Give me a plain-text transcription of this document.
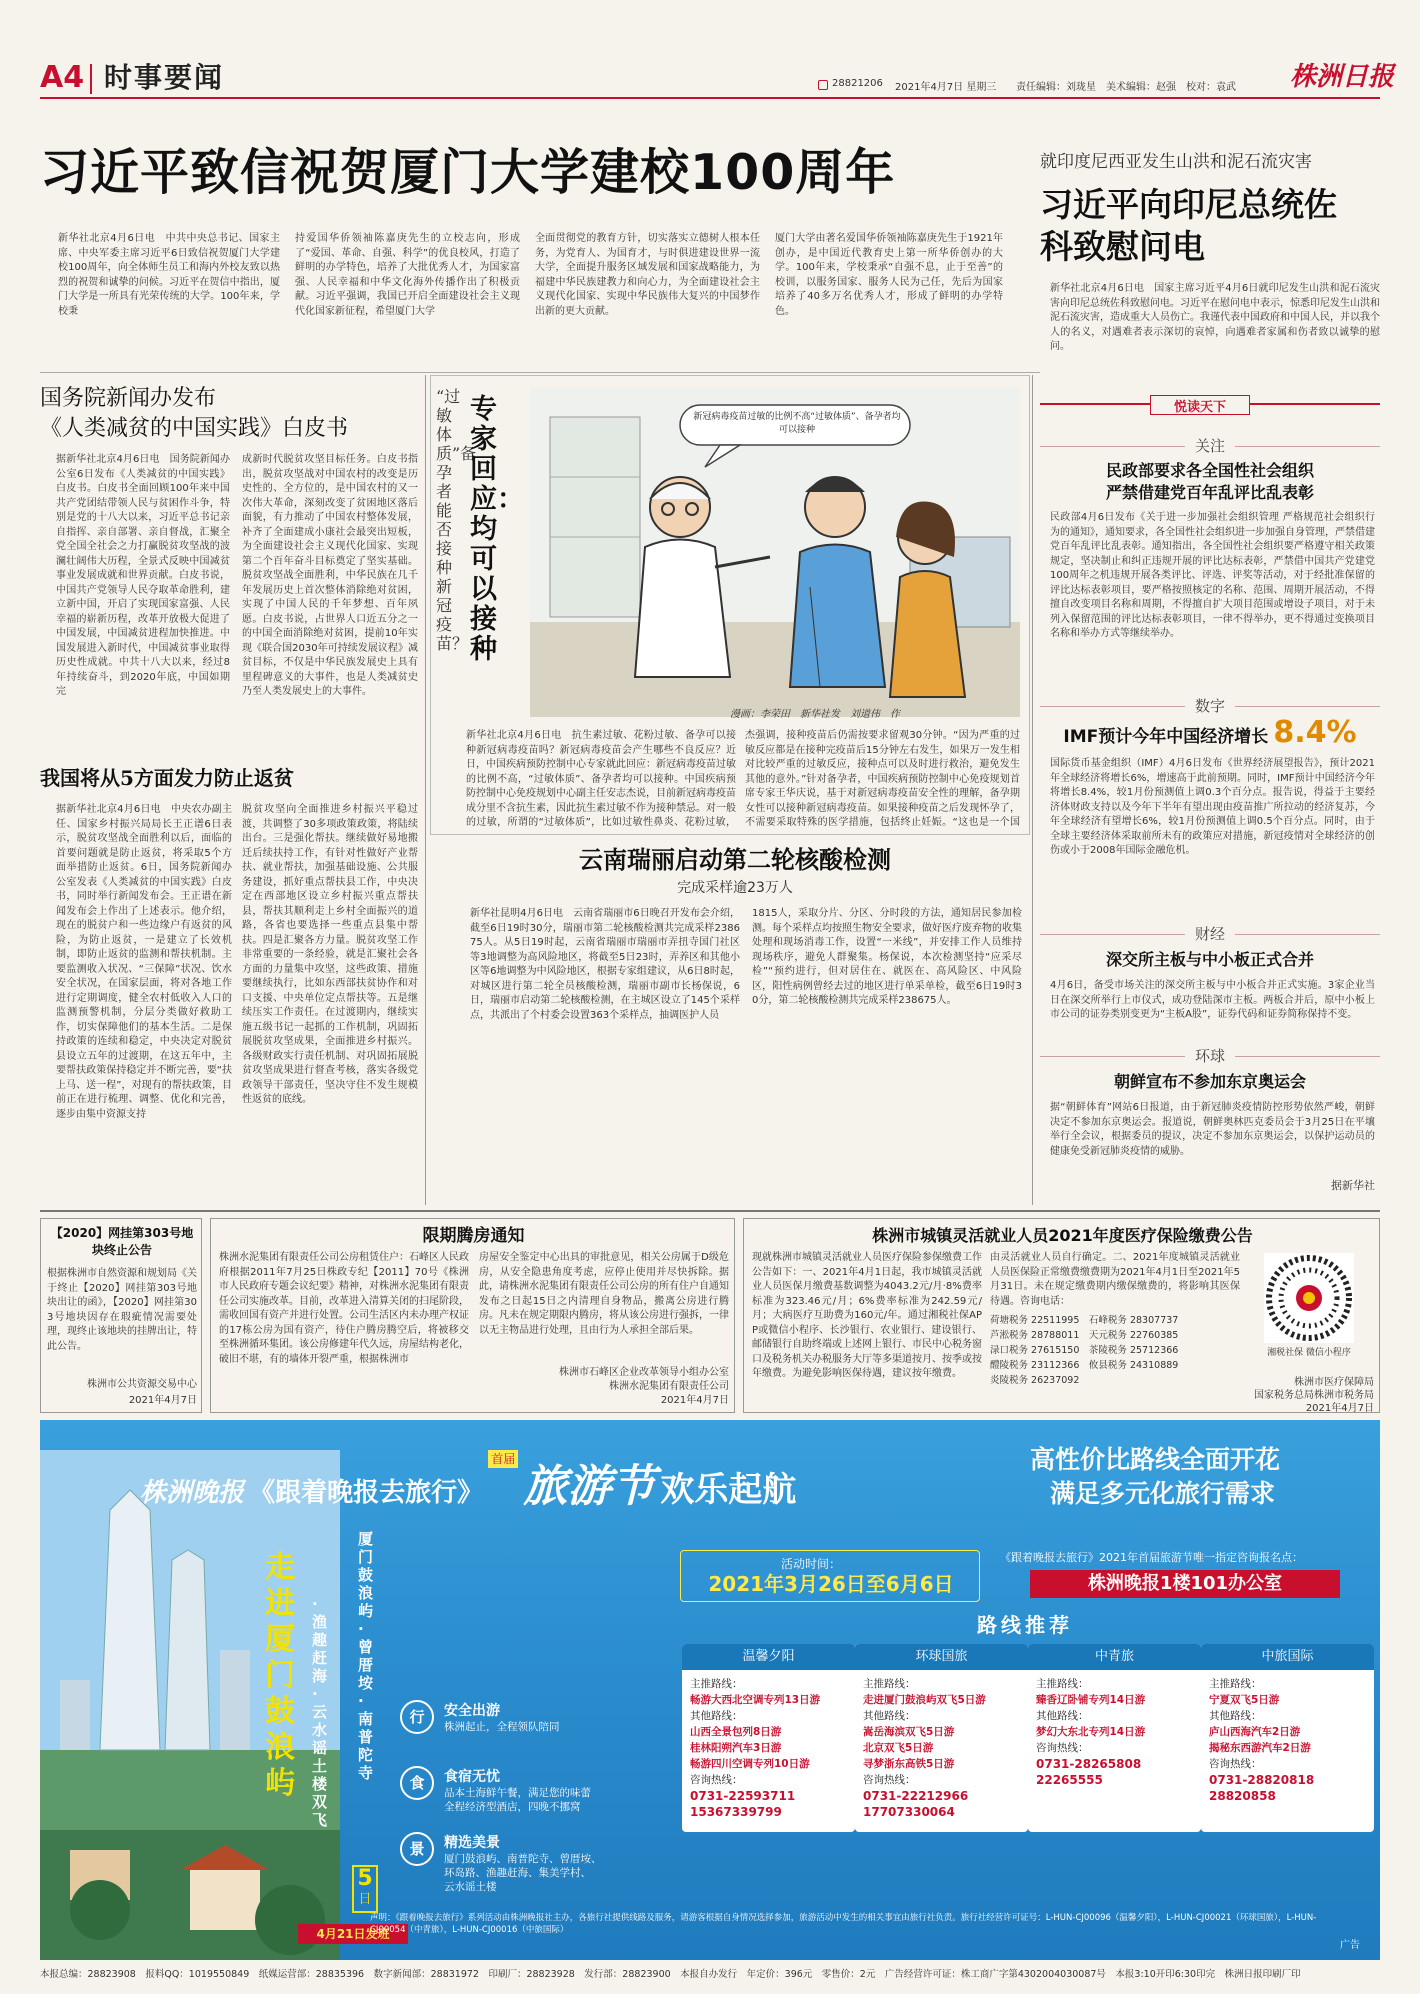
A4 时事要闻	28821206 2021年4月7日 星期三 责任编辑：刘珑星　美术编辑：赵强　校对：袁武	株洲日报
习近平致信祝贺厦门大学建校100周年
新华社北京4月6日电　中共中央总书记、国家主席、中央军委主席习近平6日致信祝贺厦门大学建校100周年，向全体师生员工和海内外校友致以热烈的祝贺和诚挚的问候。习近平在贺信中指出，厦门大学是一所具有光荣传统的大学。100年来，学校秉
持爱国华侨领袖陈嘉庚先生的立校志向，形成了“爱国、革命、自强、科学”的优良校风，打造了鲜明的办学特色，培养了大批优秀人才，为国家富强、人民幸福和中华文化海外传播作出了积极贡献。习近平强调，我国已开启全面建设社会主义现代化国家新征程，希望厦门大学
全面贯彻党的教育方针，切实落实立德树人根本任务，为党育人、为国育才，与时俱进建设世界一流大学，全面提升服务区域发展和国家战略能力，为福建中华民族建教力和向心力，为全面建设社会主义现代化国家、实现中华民族伟大复兴的中国梦作出新的更大贡献。
厦门大学由著名爱国华侨领袖陈嘉庚先生于1921年创办，是中国近代教育史上第一所华侨创办的大学。100年来，学校秉承“自强不息，止于至善”的校训，以服务国家、服务人民为己任，先后为国家培养了40多万名优秀人才，形成了鲜明的办学特色。
就印度尼西亚发生山洪和泥石流灾害
习近平向印尼总统佐科致慰问电
新华社北京4月6日电　国家主席习近平4月6日就印尼发生山洪和泥石流灾害向印尼总统佐科致慰问电。习近平在慰问电中表示，惊悉印尼发生山洪和泥石流灾害，造成重大人员伤亡。我谨代表中国政府和中国人民，并以我个人的名义，对遇难者表示深切的哀悼，向遇难者家属和伤者致以诚挚的慰问。
国务院新闻办发布
《人类减贫的中国实践》白皮书
据新华社北京4月6日电　国务院新闻办公室6日发布《人类减贫的中国实践》白皮书。白皮书全面回顾100年来中国共产党团结带领人民与贫困作斗争，特别是党的十八大以来，习近平总书记亲自指挥、亲自部署、亲自督战，汇聚全党全国全社会之力打赢脱贫攻坚战的波澜壮阔伟大历程，全景式反映中国减贫事业发展成就和世界贡献。白皮书说，中国共产党领导人民夺取革命胜利，建立新中国，开启了实现国家富强、人民幸福的崭新历程，改革开放极大促进了中国发展，中国减贫进程加快推进。中国发展进入新时代，中国减贫事业取得历史性成就。中共十八大以来，经过8年持续奋斗，到2020年底，中国如期完
成新时代脱贫攻坚目标任务。白皮书指出，脱贫攻坚战对中国农村的改变是历史性的、全方位的，是中国农村的又一次伟大革命，深刻改变了贫困地区落后面貌，有力推动了中国农村整体发展，补齐了全面建成小康社会最突出短板，为全面建设社会主义现代化国家、实现第二个百年奋斗目标奠定了坚实基础。脱贫攻坚战全面胜利，中华民族在几千年发展历史上首次整体消除绝对贫困，实现了中国人民的千年梦想、百年夙愿。白皮书说，占世界人口近五分之一的中国全面消除绝对贫困，提前10年实现《联合国2030年可持续发展议程》减贫目标，不仅是中华民族发展史上具有里程碑意义的大事件，也是人类减贫史乃至人类发展史上的大事件。
我国将从5方面发力防止返贫
据新华社北京4月6日电　中央农办副主任、国家乡村振兴局局长王正谱6日表示，脱贫攻坚战全面胜利以后，面临的首要问题就是防止返贫，将采取5个方面举措防止返贫。6日，国务院新闻办公室发表《人类减贫的中国实践》白皮书，同时举行新闻发布会。王正谱在新闻发布会上作出了上述表示。他介绍，现在的脱贫户和一些边缘户有返贫的风险，为防止返贫，一是建立了长效机制，即防止返贫的监测和帮扶机制。主要监测收入状况、“三保障”状况、饮水安全状况，在国家层面，将对各地工作进行定期调度，健全农村低收入人口的监测预警机制，分层分类做好救助工作，切实保障他们的基本生活。二是保持政策的连续和稳定，中央决定对脱贫县设立五年的过渡期，在这五年中，主要帮扶政策保持稳定并不断完善，要“扶上马、送一程”，对现有的帮扶政策，目前正在进行梳理、调整、优化和完善，逐步由集中资源支持
脱贫攻坚向全面推进乡村振兴平稳过渡，共调整了30多项政策政策，将陆续出台。三是强化帮扶。继续做好易地搬迁后续扶持工作，有针对性做好产业帮扶、就业帮扶，加强基础设施、公共服务建设，抓好重点帮扶县工作，中央决定在西部地区设立乡村振兴重点帮扶县，帮扶其顺利走上乡村全面振兴的道路，各省也要选择一些重点县集中帮扶。四是汇聚各方力量。脱贫攻坚工作非常重要的一条经验，就是汇聚社会各方面的力量集中攻坚，这些政策、措施要继续执行，比如东西部扶贫协作和对口支援、中央单位定点帮扶等。五是继续压实工作责任。在过渡期内，继续实施五级书记一起抓的工作机制，巩固拓展脱贫攻坚成果，全面推进乡村振兴。各级财政实行责任机制、对巩固拓展脱贫攻坚成果进行督查考核，落实各级党政领导干部责任，坚决守住不发生规模性返贫的底线。
“过敏体质”备孕者能否接种新冠疫苗？
专家回应：均可以接种
新冠病毒疫苗过敏的比例不高“过敏体质”、备孕者均可以接种
漫画：李荣田　新华社发　刘道伟　作
新华社北京4月6日电　抗生素过敏、花粉过敏、备孕可以接种新冠病毒疫苗吗？新冠病毒疫苗会产生哪些不良反应？近日，中国疾病预防控制中心专家就此回应：新冠病毒疫苗过敏的比例不高，“过敏体质”、备孕者均可以接种。中国疾病预防控制中心免疫规划中心副主任安志杰说，目前新冠病毒疫苗成分里不含抗生素，因此抗生素过敏不作为接种禁忌。对一般的过敏，所谓的“过敏体质”，比如过敏性鼻炎、花粉过敏，
杰强调，接种疫苗后仍需按要求留观30分钟。“因为严重的过敏反应都是在接种完疫苗后15分钟左右发生，如果万一发生相对比较严重的过敏反应，接种点可以及时进行救治，避免发生其他的意外。”针对备孕者，中国疾病预防控制中心免疫规划首席专家王华庆说，基于对新冠病毒疫苗安全性的理解，备孕期女性可以接种新冠病毒疫苗。如果接种疫苗之后发现怀孕了，不需要采取特殊的医学措施，包括终止妊娠。“这也是一个国
云南瑞丽启动第二轮核酸检测
完成采样逾23万人
新华社昆明4月6日电　云南省瑞丽市6日晚召开发布会介绍，截至6日19时30分，瑞丽市第二轮核酸检测共完成采样238675人。从5日19时起，云南省瑞丽市瑞丽市弄扭寺国门社区等3地调整为高风险地区，将截至5日23时，弄养区和其他小区等6地调整为中风险地区，根据专家组建议，从6日8时起，对城区进行第二轮全员核酸检测，瑞丽市副市长杨保说，6日，瑞丽市启动第二轮核酸检测，在主城区设立了145个采样点，共派出了个村委会设置363个采样点，抽调医护人员
1815人，采取分片、分区、分时段的方法，通知居民参加检测。每个采样点均按照生物安全要求，做好医疗废弃物的收集处理和现场消毒工作，设置“一米线”，并安排工作人员维持现场秩序，避免人群聚集。杨保说，本次检测坚持“应采尽检”“预约进行，但对居住在、就医在、高风险区、中风险区，阳性病例曾经去过的地区进行单采单检，截至6日19时30分，第二轮核酸检测共完成采样238675人。
悦读天下
关注
民政部要求各全国性社会组织
严禁借建党百年乱评比乱表彰
民政部4月6日发布《关于进一步加强社会组织管理 严格规范社会组织行为的通知》，通知要求，各全国性社会组织进一步加强自身管理，严禁借建党百年乱评比乱表彰。通知指出，各全国性社会组织要严格遵守相关政策规定，坚决制止和纠正违规开展的评比达标表彰，严禁借中国共产党建党100周年之机违规开展各类评比、评选、评奖等活动，对于经批准保留的评比达标表彰项目，要严格按照核定的名称、范围、周期开展活动，不得擅自改变项目名称和周期，不得擅自扩大项目范围或增设子项目，对于未列入保留范围的评比达标表彰项目，一律不得举办，更不得通过变换项目名称和举办方式等继续举办。
数字
IMF预计今年中国经济增长 8.4%
国际货币基金组织（IMF）4月6日发布《世界经济展望报告》，预计2021年全球经济将增长6%，增速高于此前预期。同时，IMF预计中国经济今年将增长8.4%，较1月份预测值上调0.3个百分点。报告说，得益于主要经济体财政支持以及今年下半年有望出现由疫苗推广所拉动的经济复苏，今年全球经济有望增长6%，较1月份预测值上调0.5个百分点。同时，由于全球主要经济体采取前所未有的政策应对措施，新冠疫情对全球经济的创伤或小于2008年国际金融危机。
财经
深交所主板与中小板正式合并
4月6日，备受市场关注的深交所主板与中小板合并正式实施。3家企业当日在深交所举行上市仪式，成功登陆深市主板。两板合并后，原中小板上市公司的证券类别变更为“主板A股”，证券代码和证券简称保持不变。
环球
朝鲜宣布不参加东京奥运会
据“朝鲜体育”网站6日报道，由于新冠肺炎疫情防控形势依然严峻，朝鲜决定不参加东京奥运会。报道说，朝鲜奥林匹克委员会于3月25日在平壤举行全会议，根据委员的提议，决定不参加东京奥运会，以保护运动员的健康免受新冠肺炎疫情的威胁。
据新华社
【2020】网挂第303号地块终止公告
根据株洲市自然资源和规划局《关于终止【2020】网挂第303号地块出让的函》，【2020】网挂第303号地块因存在瑕疵情况需要处理，现终止该地块的挂牌出让，特此公告。
株洲市公共资源交易中心
2021年4月7日
限期腾房通知
株洲水泥集团有限责任公司公房租赁住户：石峰区人民政府根据2011年7月25日株政专纪【2011】70号《株洲市人民政府专题会议纪要》精神，对株洲水泥集团有限责任公司实施改革。目前，改革进入清算关闭的扫尾阶段，需收回国有资产并进行处置。公司生活区内未办理产权证的17栋公房为国有资产，待住户腾房腾空后，将被移交至株洲循环集团。该公房修建年代久远，房屋结构老化，破旧不堪，有的墙体开裂严重，根据株洲市
房屋安全鉴定中心出具的审批意见，相关公房属于D级危房，从安全隐患角度考虑，应停止使用并尽快拆除。据此，请株洲水泥集团有限责任公司公房的所有住户自通知发布之日起15日之内清理自身物品，搬离公房进行腾房。凡未在规定期限内腾房，将从该公房进行强拆，一律以无主物品进行处理，且由行为人承担全部后果。
株洲市石峰区企业改革领导小组办公室
株洲水泥集团有限责任公司
2021年4月7日
株洲市城镇灵活就业人员2021年度医疗保险缴费公告
现就株洲市城镇灵活就业人员医疗保险参保缴费工作公告如下：一、2021年4月1日起，我市城镇灵活就业人员医保月缴费基数调整为4043.2元/月·8%费率标准为323.46元/月；6%费率标准为242.59元/月；大病医疗互助费为160元/年。通过湘税社保APP或微信小程序、长沙银行、农业银行、建设银行、邮储银行自助终端或上述网上银行、市民中心税务窗口及税务机关办税服务大厅等多渠道按月、按季或按年缴费。为避免影响医保待遇，建议按年缴费。
由灵活就业人员自行确定。二、2021年度城镇灵活就业人员医保险正常缴费缴费期为2021年4月1日至2021年5月31日。未在规定缴费期内缴保缴费的，将影响其医保待遇。咨询电话：
荷塘税务 22511995　 石峰税务 28307737
芦淞税务 28788011　 天元税务 22760385
渌口税务 27615150　 茶陵税务 25712366
醴陵税务 23112366　 攸县税务 24310889
炎陵税务 26237092
湘税社保 微信小程序
株洲市医疗保障局
国家税务总局株洲市税务局
2021年4月7日
株洲晚报 《跟着晚报去旅行》 $^{首届}$ 旅游节 欢乐起航
高性价比路线全面开花
满足多元化旅行需求
走进厦门鼓浪屿
·渔趣赶海·云水谣土楼双飞
厦门鼓浪屿·曾厝垵·南普陀寺
5
日
4月21日发班
行	安全出游
株洲起止，全程领队陪同
食	食宿无忧
品本土海鲜午餐，满足您的味蕾
全程经济型酒店，四晚不挪窝
景	精选美景
厦门鼓浪屿、南普陀寺、曾厝垵、
环岛路、渔趣赶海、集美学村、
云水谣土楼
活动时间：
2021年3月26日至6月6日
《跟着晚报去旅行》2021年首届旅游节唯一指定咨询报名点：
株洲晚报1楼101办公室
路线推荐
温馨夕阳
主推路线：
畅游大西北空调专列13日游
其他路线：
山西全景包列8日游
桂林阳朔汽车3日游
畅游四川空调专列10日游
咨询热线：
0731-22593711
15367339799
环球国旅
主推路线：
走进厦门鼓浪屿双飞5日游
其他路线：
嵩岳海滨双飞5日游
北京双飞5日游
寻梦浙东高铁5日游
咨询热线：
0731-22212966
17707330064
中青旅
主推路线：
臻香辽卧铺专列14日游
其他路线：
梦幻大东北专列14日游
咨询热线：
0731-28265808
22265555
中旅国际
主推路线：
宁夏双飞5日游
其他路线：
庐山西海汽车2日游
揭秘东西游汽车2日游
咨询热线：
0731-28820818
28820858
声明：《跟着晚报去旅行》系列活动由株洲晚报社主办，各旅行社提供线路及服务，请游客根据自身情况选择参加，旅游活动中发生的相关事宜由旅行社负责。旅行社经营许可证号：L-HUN-CJ00096（温馨夕阳），L-HUN-CJ00021（环球国旅），L-HUN-CJ00054（中青旅），L-HUN-CJ00016（中旅国际）
广告
本报总编：28823908　报料QQ：1019550849　纸媒运营部：28835396　数字新闻部：28831972　印刷厂：28823928　发行部：28823900　本报自办发行　年定价：396元　零售价：2元　广告经营许可证：株工商广字第4302004030087号　本报3:10开印6:30印完　株洲日报印刷厂印
